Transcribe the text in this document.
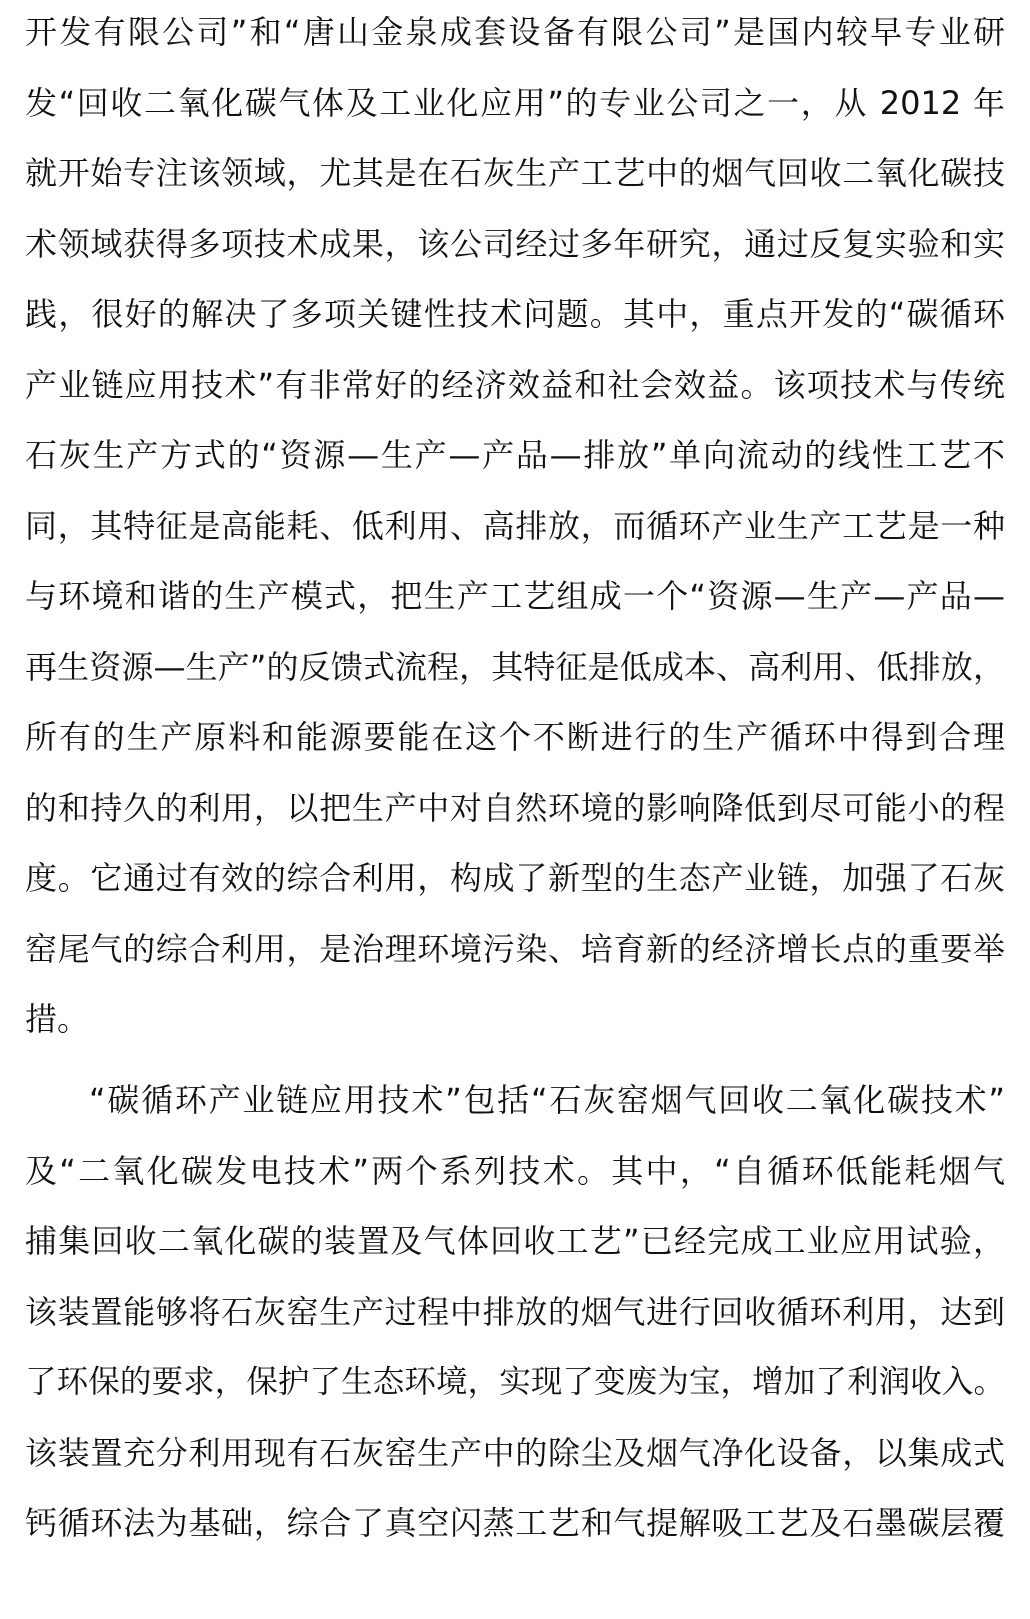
开发有限公司”和“唐山金泉成套设备有限公司”是国内较早专业研
发“回收二氧化碳气体及工业化应用”的专业公司之一，从 2012 年
就开始专注该领域，尤其是在石灰生产工艺中的烟气回收二氧化碳技
术领域获得多项技术成果，该公司经过多年研究，通过反复实验和实
践，很好的解决了多项关键性技术问题。其中，重点开发的“碳循环
产业链应用技术”有非常好的经济效益和社会效益。该项技术与传统
石灰生产方式的“资源—生产—产品—排放”单向流动的线性工艺不
同，其特征是高能耗、低利用、高排放，而循环产业生产工艺是一种
与环境和谐的生产模式，把生产工艺组成一个“资源—生产—产品—
再生资源—生产”的反馈式流程，其特征是低成本、高利用、低排放，
所有的生产原料和能源要能在这个不断进行的生产循环中得到合理
的和持久的利用，以把生产中对自然环境的影响降低到尽可能小的程
度。它通过有效的综合利用，构成了新型的生态产业链，加强了石灰
窑尾气的综合利用，是治理环境污染、培育新的经济增长点的重要举
措。
“碳循环产业链应用技术”包括“石灰窑烟气回收二氧化碳技术”
及“二氧化碳发电技术”两个系列技术。其中，“自循环低能耗烟气
捕集回收二氧化碳的装置及气体回收工艺”已经完成工业应用试验，
该装置能够将石灰窑生产过程中排放的烟气进行回收循环利用，达到
了环保的要求，保护了生态环境，实现了变废为宝，增加了利润收入。
该装置充分利用现有石灰窑生产中的除尘及烟气净化设备，以集成式
钙循环法为基础，综合了真空闪蒸工艺和气提解吸工艺及石墨碳层覆
